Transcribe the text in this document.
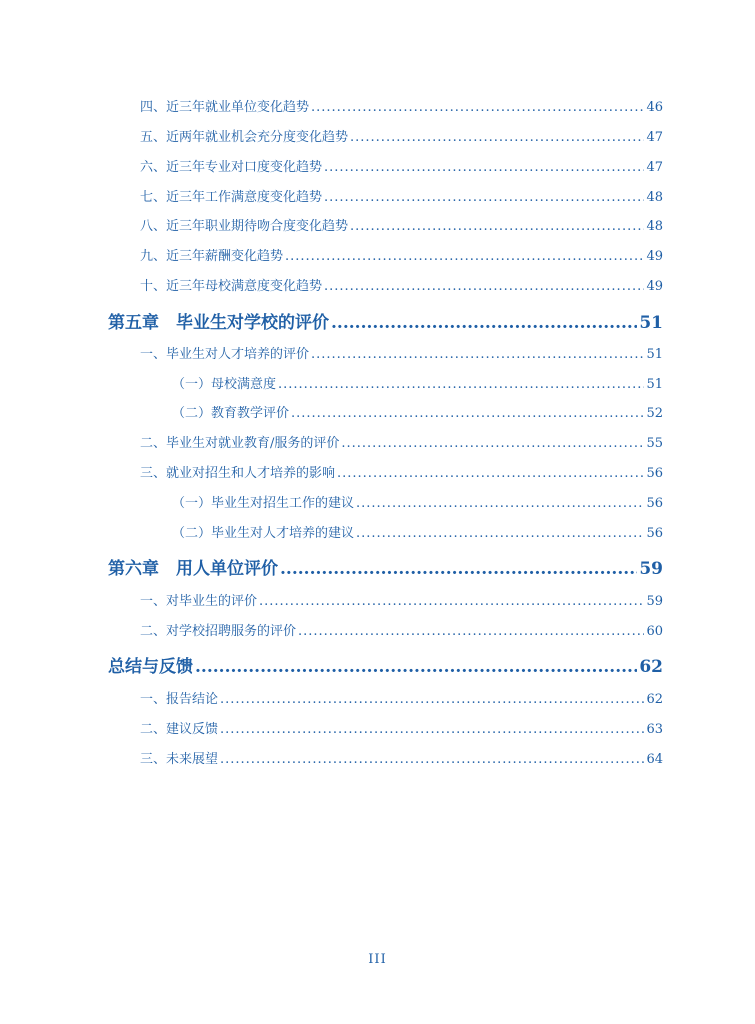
四、近三年就业单位变化趋势 .....	46
五、近两年就业机会充分度变化趋势 .....	47
六、近三年专业对口度变化趋势 .....	47
七、近三年工作满意度变化趋势 .....	48
八、近三年职业期待吻合度变化趋势 .....	48
九、近三年薪酬变化趋势 .....	49
十、近三年母校满意度变化趋势 .....	49
第五章　毕业生对学校的评价 .....	51
一、毕业生对人才培养的评价 .....	51
（一）母校满意度 .....	51
（二）教育教学评价 .....	52
二、毕业生对就业教育/服务的评价 .....	55
三、就业对招生和人才培养的影响 .....	56
（一）毕业生对招生工作的建议 .....	56
（二）毕业生对人才培养的建议 .....	56
第六章　用人单位评价 .....	59
一、对毕业生的评价 .....	59
二、对学校招聘服务的评价 .....	60
总结与反馈 .....	62
一、报告结论 .....	62
二、建议反馈 .....	63
三、未来展望 .....	64
III
